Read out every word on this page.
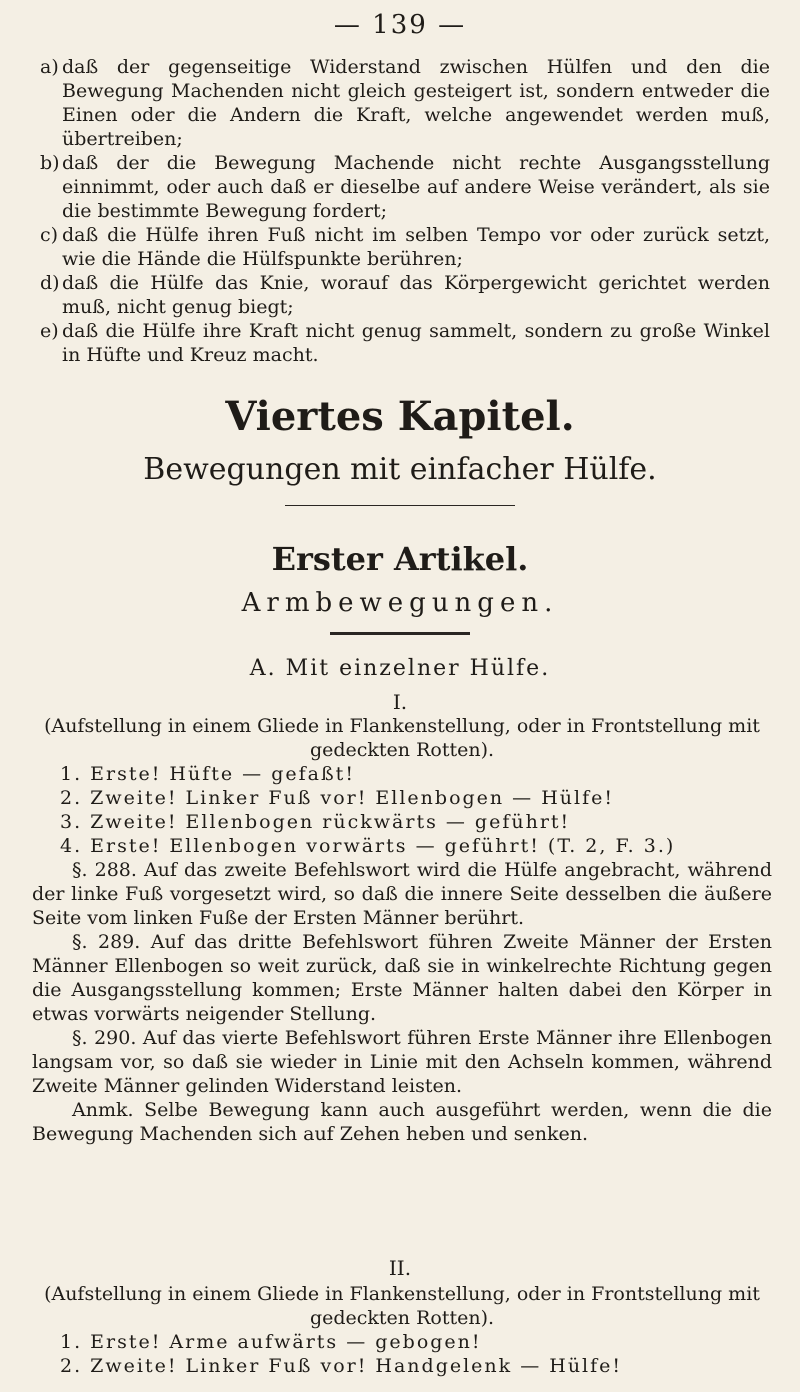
— 139 —
a) daß der gegenseitige Widerstand zwischen Hülfen und den die Bewegung Machenden nicht gleich gesteigert ist, sondern entweder die Einen oder die Andern die Kraft, welche angewendet werden muß, übertreiben;
b) daß der die Bewegung Machende nicht rechte Ausgangsstellung einnimmt, oder auch daß er dieselbe auf andere Weise verändert, als sie die bestimmte Bewegung fordert;
c) daß die Hülfe ihren Fuß nicht im selben Tempo vor oder zurück setzt, wie die Hände die Hülfspunkte berühren;
d) daß die Hülfe das Knie, worauf das Körpergewicht gerichtet werden muß, nicht genug biegt;
e) daß die Hülfe ihre Kraft nicht genug sammelt, sondern zu große Winkel in Hüfte und Kreuz macht.
Viertes Kapitel.
Bewegungen mit einfacher Hülfe.
Erster Artikel.
Armbewegungen.
A. Mit einzelner Hülfe.
I.

(Aufstellung in einem Gliede in Flankenstellung, oder in Frontstellung mit gedeckten Rotten).

1. Erste! Hüfte — gefaßt!

2. Zweite! Linker Fuß vor! Ellenbogen — Hülfe!

3. Zweite! Ellenbogen rückwärts — geführt!

4. Erste! Ellenbogen vorwärts — geführt! (T. 2, F. 3.)

§. 288. Auf das zweite Befehlswort wird die Hülfe angebracht, während der linke Fuß vorgesetzt wird, so daß die innere Seite desselben die äußere Seite vom linken Fuße der Ersten Männer berührt.

§. 289. Auf das dritte Befehlswort führen Zweite Männer der Ersten Männer Ellenbogen so weit zurück, daß sie in winkelrechte Richtung gegen die Ausgangsstellung kommen; Erste Männer halten dabei den Körper in etwas vorwärts neigender Stellung.

§. 290. Auf das vierte Befehlswort führen Erste Männer ihre Ellenbogen langsam vor, so daß sie wieder in Linie mit den Achseln kommen, während Zweite Männer gelinden Widerstand leisten.

Anmk. Selbe Bewegung kann auch ausgeführt werden, wenn die die Bewegung Machenden sich auf Zehen heben und senken.

II.

(Aufstellung in einem Gliede in Flankenstellung, oder in Frontstellung mit gedeckten Rotten).

1. Erste! Arme aufwärts — gebogen!

2. Zweite! Linker Fuß vor! Handgelenk — Hülfe!
